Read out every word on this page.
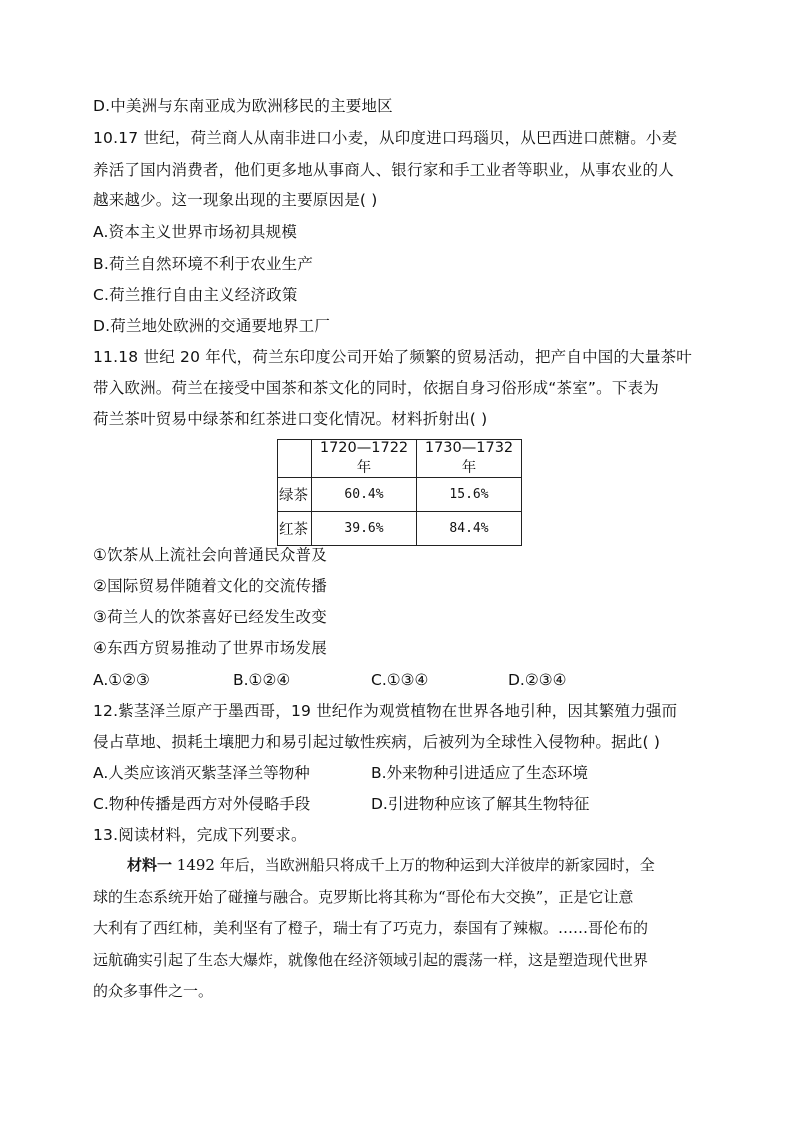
D.中美洲与东南亚成为欧洲移民的主要地区
10.17 世纪，荷兰商人从南非进口小麦，从印度进口玛瑙贝，从巴西进口蔗糖。小麦
养活了国内消费者，他们更多地从事商人、银行家和手工业者等职业，从事农业的人
越来越少。这一现象出现的主要原因是( )
A.资本主义世界市场初具规模
B.荷兰自然环境不利于农业生产
C.荷兰推行自由主义经济政策
D.荷兰地处欧洲的交通要地界工厂
11.18 世纪 20 年代，荷兰东印度公司开始了频繁的贸易活动，把产自中国的大量茶叶
带入欧洲。荷兰在接受中国茶和茶文化的同时，依据自身习俗形成“茶室”。下表为
荷兰茶叶贸易中绿茶和红茶进口变化情况。材料折射出( )
	1720—1722 年	1730—1732 年
绿茶	60.4%	15.6%
红茶	39.6%	84.4%
①饮茶从上流社会向普通民众普及
②国际贸易伴随着文化的交流传播
③荷兰人的饮茶喜好已经发生改变
④东西方贸易推动了世界市场发展
A.①②③	B.①②④	C.①③④	D.②③④
12.紫茎泽兰原产于墨西哥，19 世纪作为观赏植物在世界各地引种，因其繁殖力强而
侵占草地、损耗土壤肥力和易引起过敏性疾病，后被列为全球性入侵物种。据此( )
A.人类应该消灭紫茎泽兰等物种	B.外来物种引进适应了生态环境
C.物种传播是西方对外侵略手段	D.引进物种应该了解其生物特征
13.阅读材料，完成下列要求。
材料一 1492 年后，当欧洲船只将成千上万的物种运到大洋彼岸的新家园时，全
球的生态系统开始了碰撞与融合。克罗斯比将其称为“哥伦布大交换”，正是它让意
大利有了西红柿，美利坚有了橙子，瑞士有了巧克力，泰国有了辣椒。……哥伦布的
远航确实引起了生态大爆炸，就像他在经济领域引起的震荡一样，这是塑造现代世界
的众多事件之一。
